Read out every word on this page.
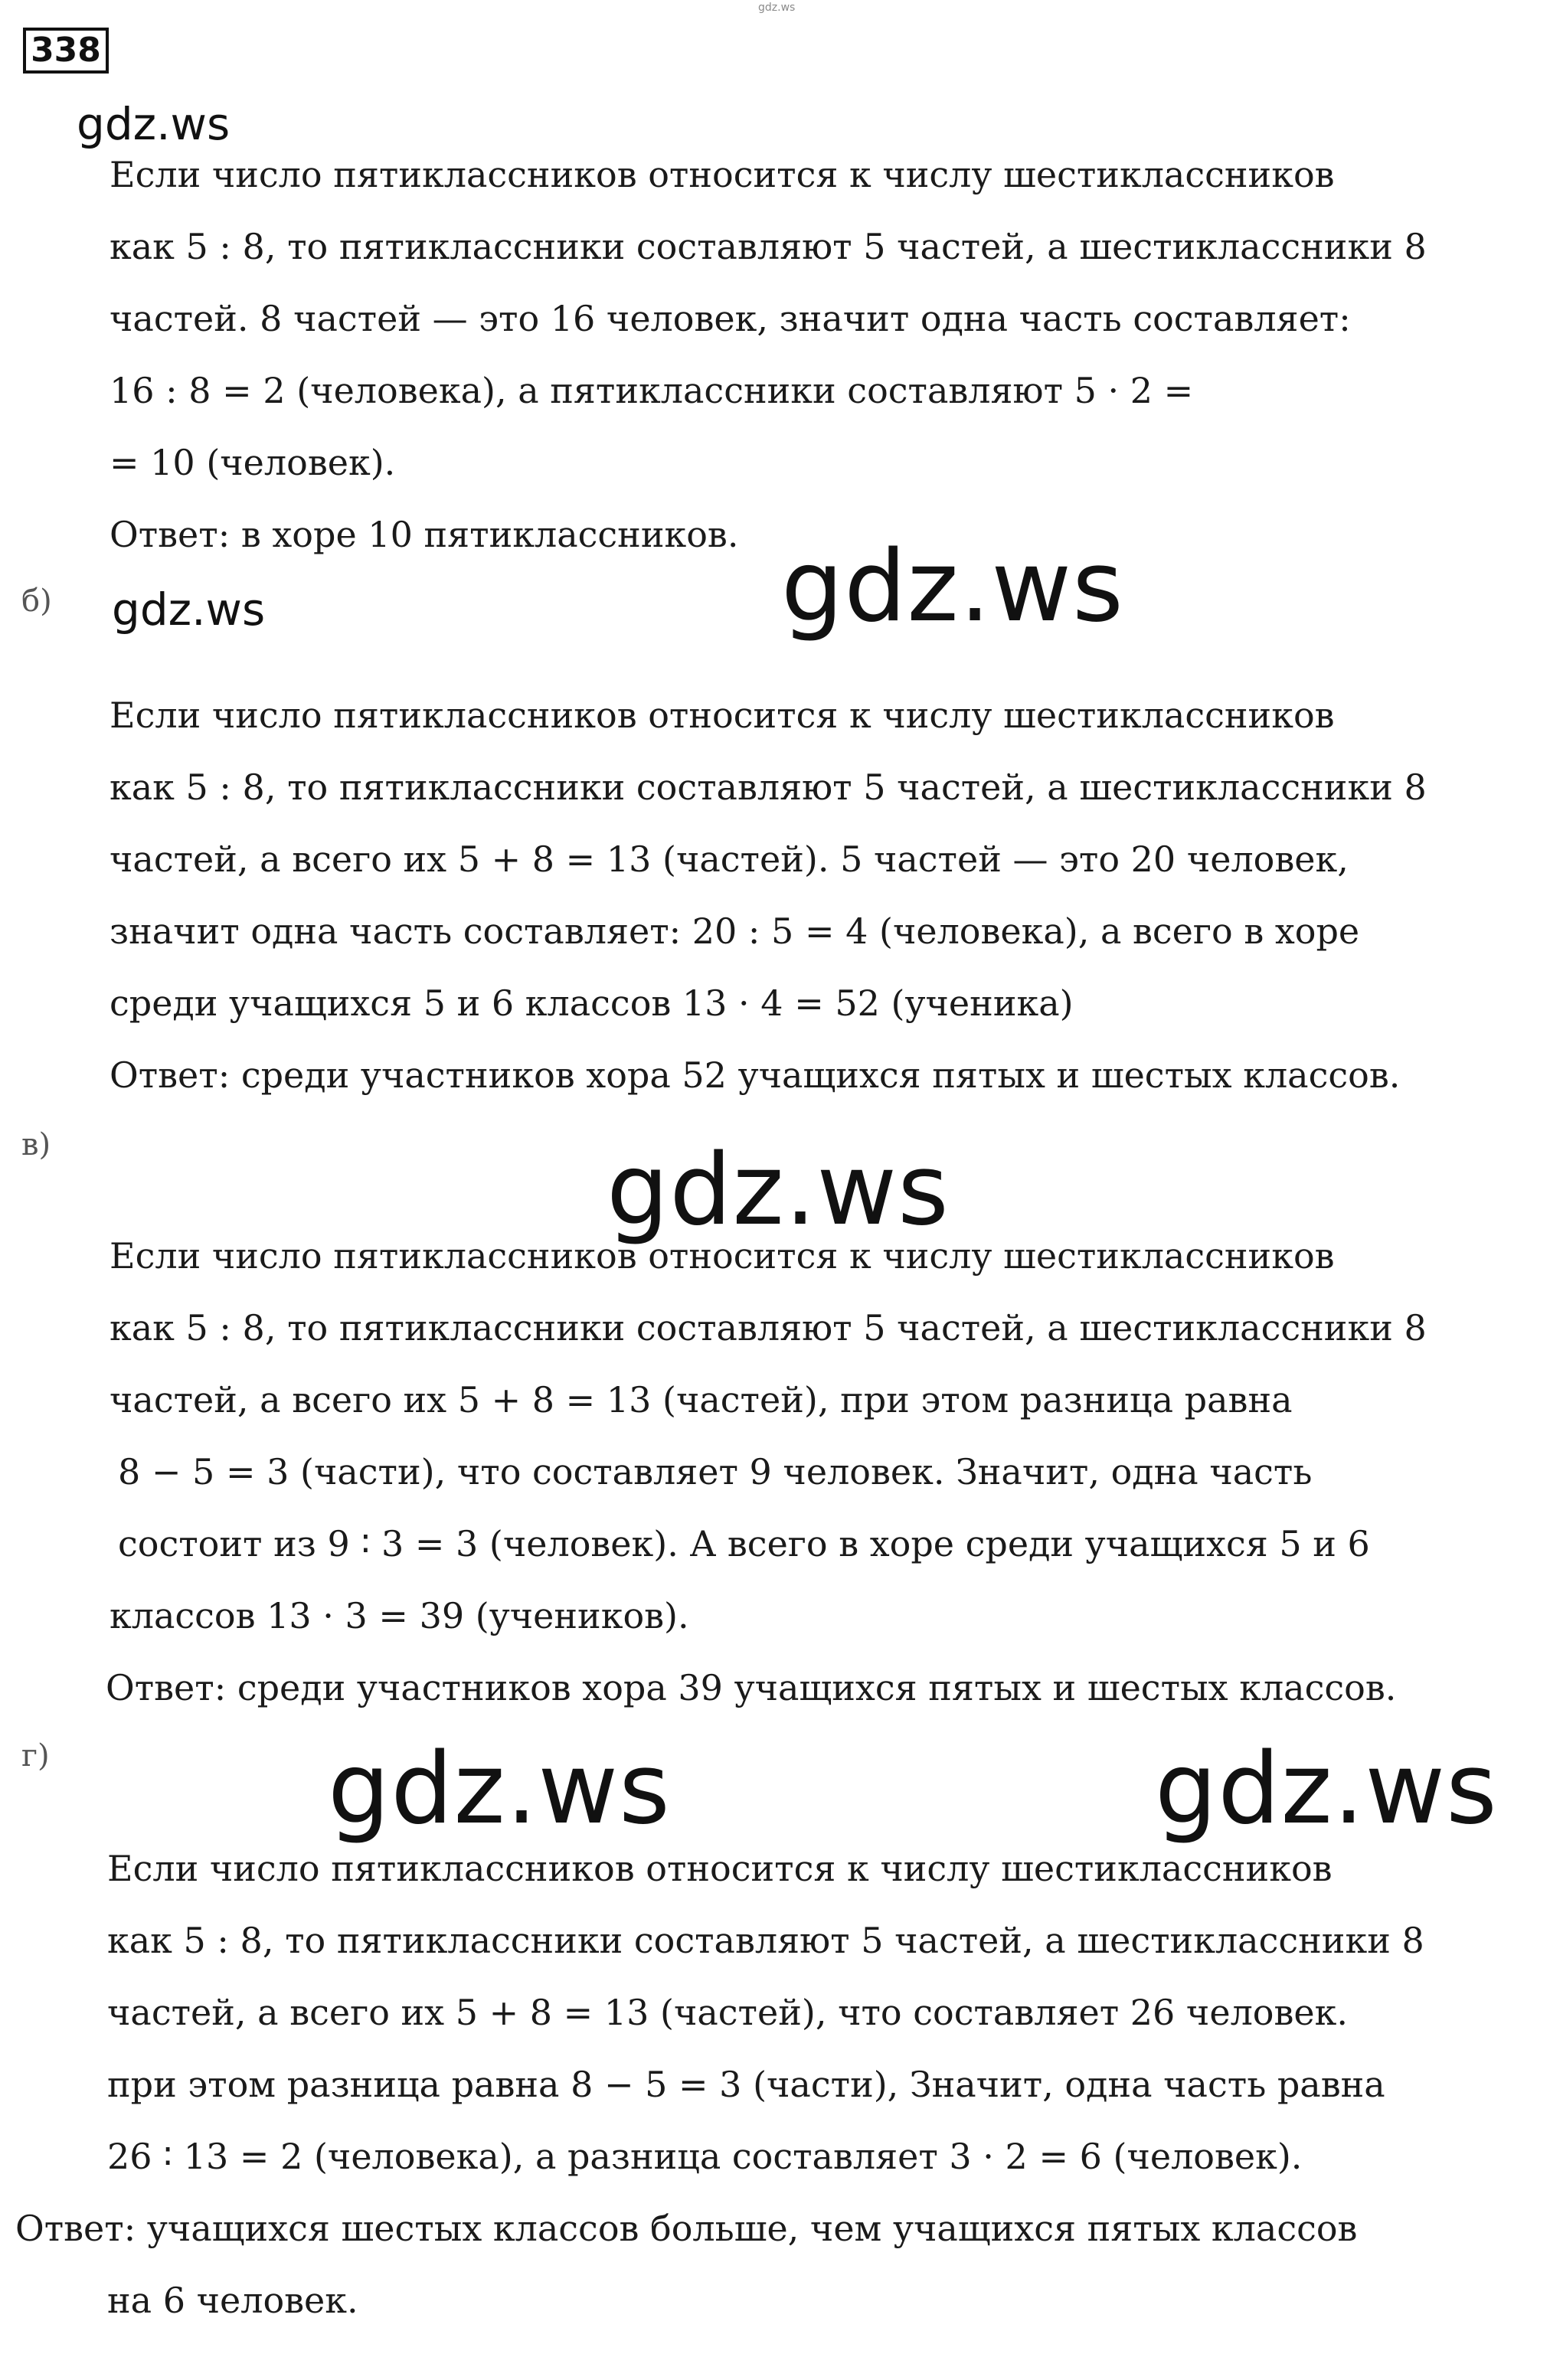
gdz.ws
338
gdz.ws
Если число пятиклассников относится к числу шестиклассников
как 5 : 8, то пятиклассники составляют 5 частей, а шестиклассники 8
частей. 8 частей — это 16 человек, значит одна часть составляет:
16 : 8 = 2 (человека), а пятиклассники составляют 5 · 2 =
= 10 (человек).
Ответ: в хоре 10 пятиклассников.
б) gdz.ws	gdz.ws
Если число пятиклассников относится к числу шестиклассников
как 5 : 8, то пятиклассники составляют 5 частей, а шестиклассники 8
частей, а всего их 5 + 8 = 13 (частей). 5 частей — это 20 человек,
значит одна часть составляет: 20 : 5 = 4 (человека), а всего в хоре
среди учащихся 5 и 6 классов 13 · 4 = 52 (ученика)
Ответ: среди участников хора 52 учащихся пятых и шестых классов.
в)	gdz.ws
Если число пятиклассников относится к числу шестиклассников
как 5 : 8, то пятиклассники составляют 5 частей, а шестиклассники 8
частей, а всего их 5 + 8 = 13 (частей), при этом разница равна
8 − 5 = 3 (части), что составляет 9 человек. Значит, одна часть
состоит из 9 ∶ 3 = 3 (человек). А всего в хоре среди учащихся 5 и 6
классов 13 · 3 = 39 (учеников).
Ответ: среди участников хора 39 учащихся пятых и шестых классов.
г)	gdz.ws	gdz.ws
Если число пятиклассников относится к числу шестиклассников
как 5 : 8, то пятиклассники составляют 5 частей, а шестиклассники 8
частей, а всего их 5 + 8 = 13 (частей), что составляет 26 человек.
при этом разница равна 8 − 5 = 3 (части), Значит, одна часть равна
26 ∶ 13 = 2 (человека), а разница составляет 3 · 2 = 6 (человек).
Ответ: учащихся шестых классов больше, чем учащихся пятых классов
на 6 человек.
